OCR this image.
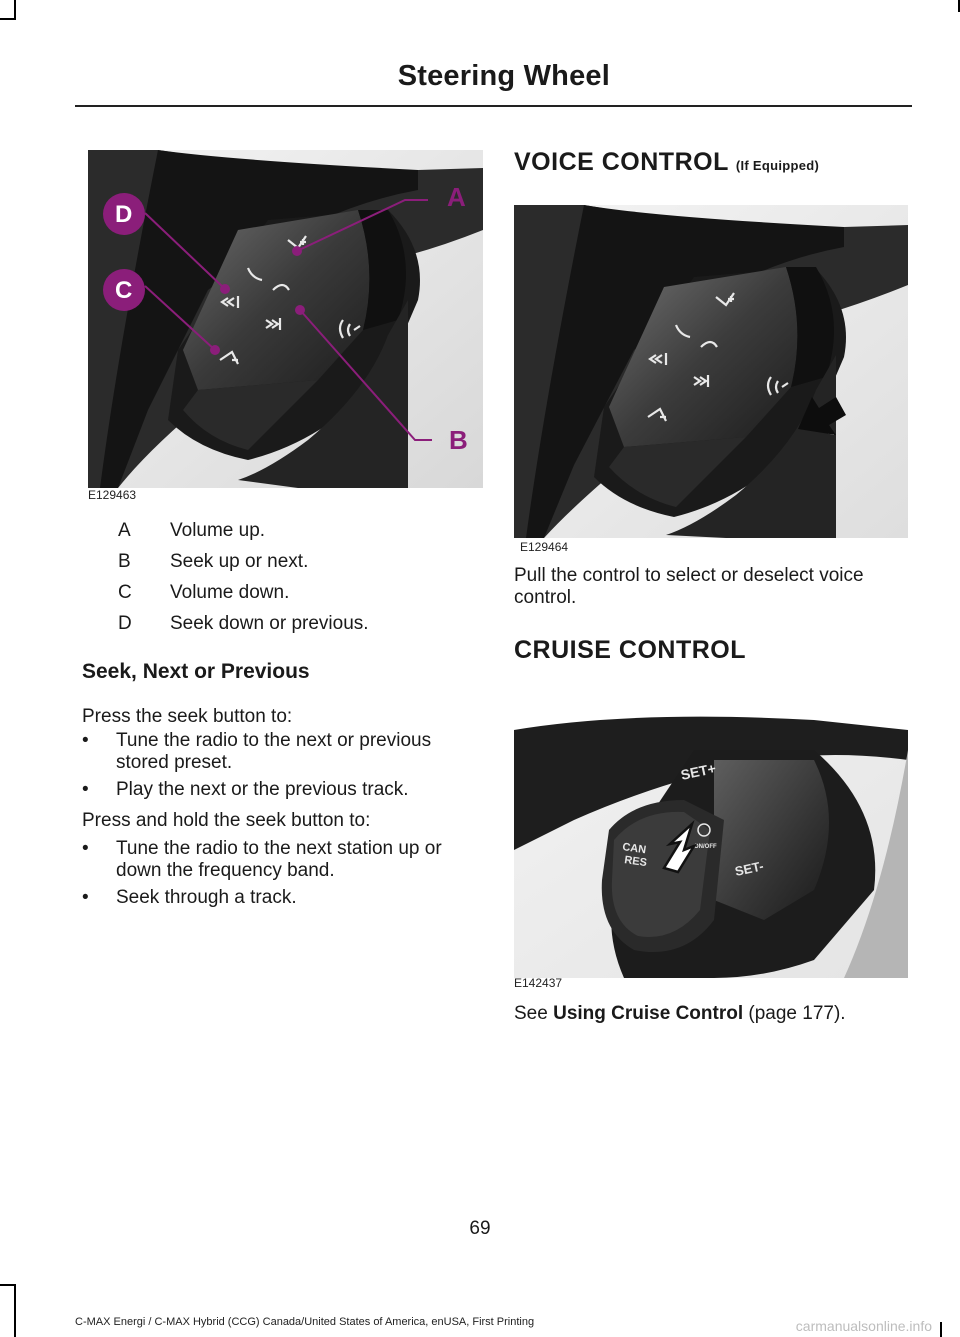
Steering Wheel
A
B
C
D
E129463
A Volume up.
B Seek up or next.
C Volume down.
D Seek down or previous.
Seek, Next or Previous
Press the seek button to:
• Tune the radio to the next or previous stored preset.
• Play the next or the previous track.
Press and hold the seek button to:
• Tune the radio to the next station up or down the frequency band.
• Seek through a track.
VOICE CONTROL (If Equipped)
E129464
Pull the control to select or deselect voice control.
CRUISE CONTROL
SET+
SET-
CAN
RES
ON/OFF
E142437
See Using Cruise Control (page 177).
69
C-MAX Energi / C-MAX Hybrid (CCG) Canada/United States of America, enUSA, First Printing	carmanualsonline.info
